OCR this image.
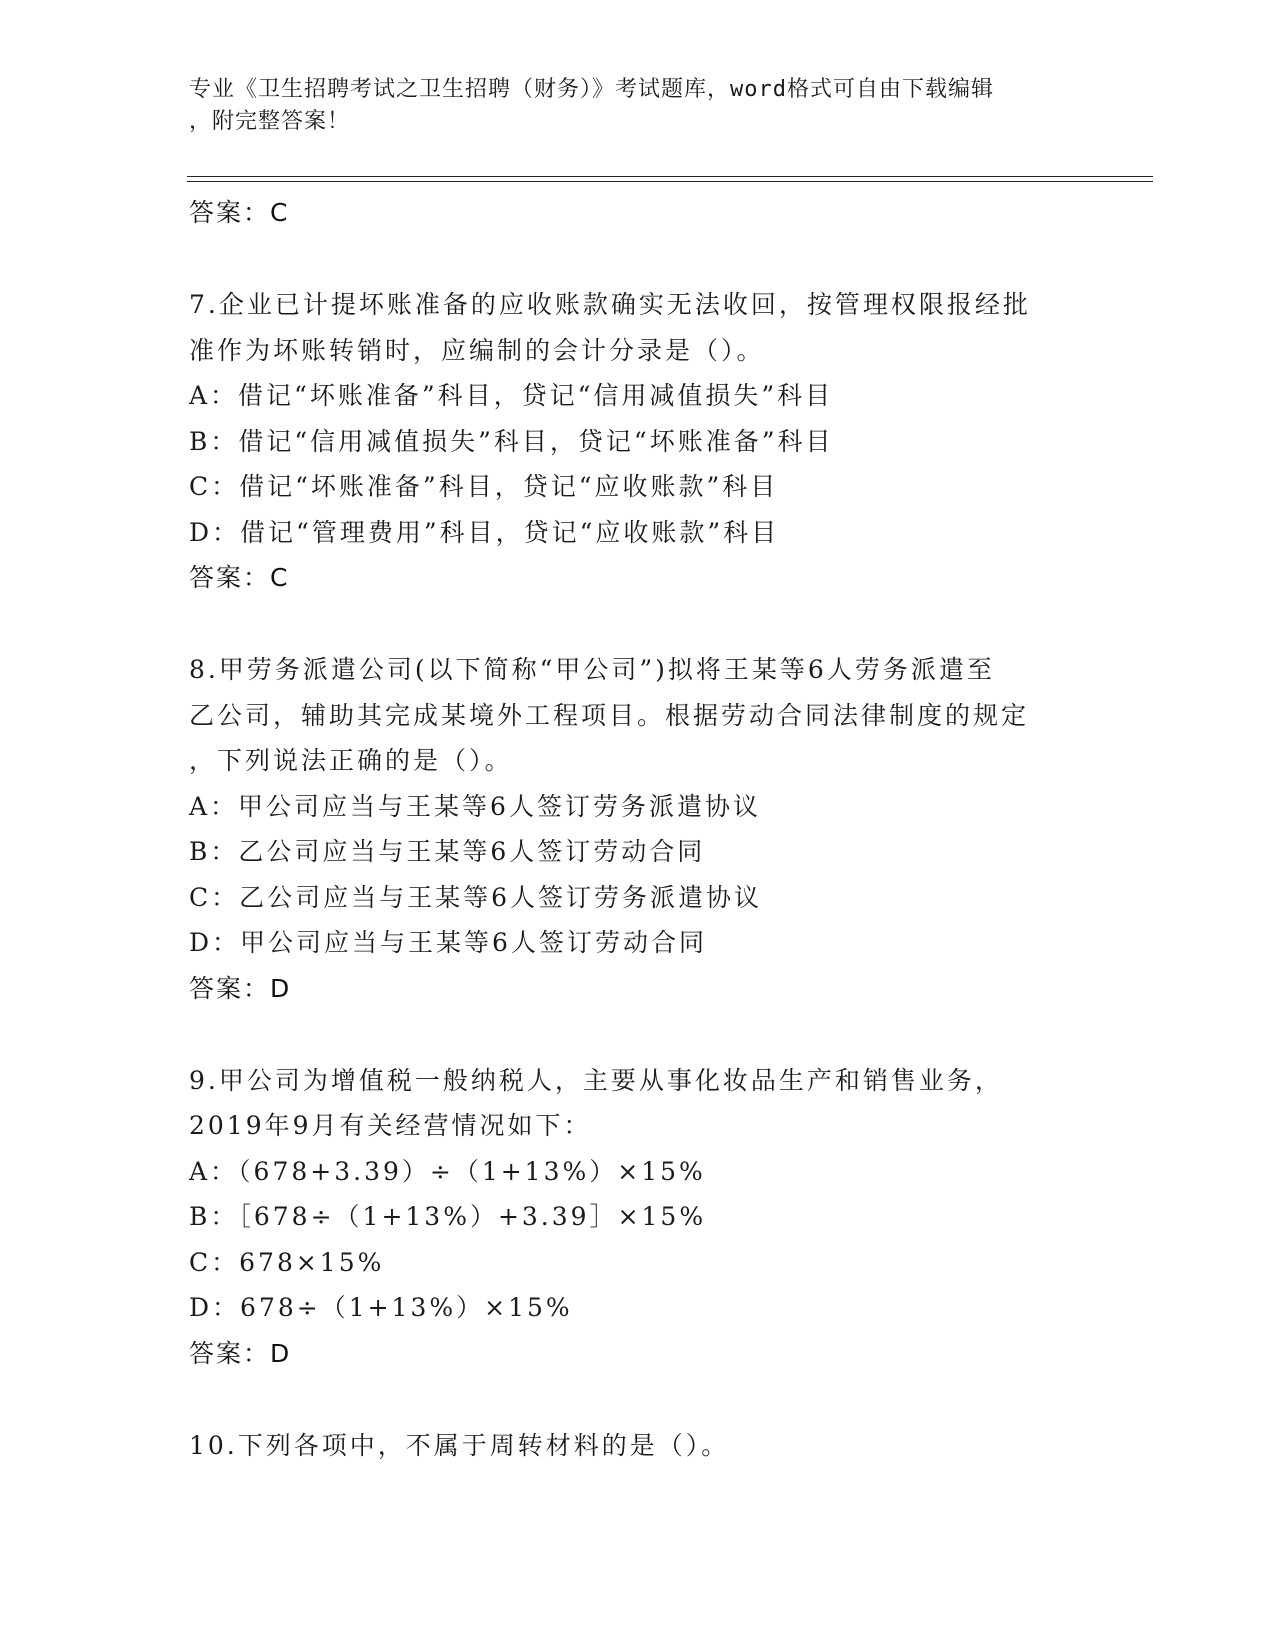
专业《卫生招聘考试之卫生招聘（财务）》考试题库，word格式可自由下载编辑
，附完整答案！
答案：C
7.企业已计提坏账准备的应收账款确实无法收回，按管理权限报经批
准作为坏账转销时，应编制的会计分录是（）。
A：借记“坏账准备”科目，贷记“信用减值损失”科目
B：借记“信用减值损失”科目，贷记“坏账准备”科目
C：借记“坏账准备”科目，贷记“应收账款”科目
D：借记“管理费用”科目，贷记“应收账款”科目
答案：C
8.甲劳务派遣公司(以下简称“甲公司”)拟将王某等6人劳务派遣至
乙公司，辅助其完成某境外工程项目。根据劳动合同法律制度的规定
，下列说法正确的是（）。
A：甲公司应当与王某等6人签订劳务派遣协议
B：乙公司应当与王某等6人签订劳动合同
C：乙公司应当与王某等6人签订劳务派遣协议
D：甲公司应当与王某等6人签订劳动合同
答案：D
9.甲公司为增值税一般纳税人，主要从事化妆品生产和销售业务，
2019年9月有关经营情况如下：
A：（678+3.39）÷（1+13%）×15%
B：［678÷（1+13%）+3.39］×15%
C：678×15%
D：678÷（1+13%）×15%
答案：D
10.下列各项中，不属于周转材料的是（）。
